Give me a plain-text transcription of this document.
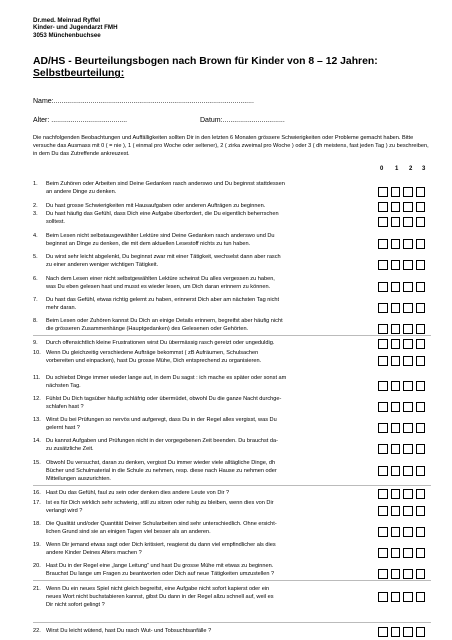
Dr.med. Meinrad Ryffel
Kinder- und Jugendarzt FMH
3053 Münchenbuchsee
AD/HS - Beurteilungsbogen nach Brown für Kinder von 8 – 12 Jahren:
Selbstbeurteilung:
Name:.......................................................................................................
Alter: .......................................	Datum:................................
Die nachfolgenden Beobachtungen und Auffälligkeiten sollten Dir in den letzten 6 Monaten grössere Schwierigkeiten oder Probleme gemacht haben. Bitte versuche das Ausmass mit 0 ( = nie ), 1 ( einmal pro Woche oder seltener), 2 ( zirka zweimal pro Woche ) oder 3 ( dh meistens, fast jeden Tag ) zu beschreiben, in dem Du das Zutreffende ankreuzest.
0 1 2 3
1. Beim Zuhören oder Arbeiten sind Deine Gedanken rasch anderswo und Du beginnst stattdessen
an andere Dinge zu denken.
2. Du hast grosse Schwierigkeiten mit Hausaufgaben oder anderen Aufträgen zu beginnen.
3. Du hast häufig das Gefühl, dass Dich eine Aufgabe überfordert, die Du eigentlich beherrschen
solltest.
4. Beim Lesen nicht selbstausgewählter Lektüre sind Deine Gedanken rasch anderswo und Du
beginnst an Dinge zu denken, die mit dem aktuellen Lesestoff nichts zu tun haben.
5. Du wirst sehr leicht abgelenkt, Du beginnst zwar mit einer Tätigkeit, wechselst dann aber rasch
zu einer anderen weniger wichtigen Tätigkeit.
6. Nach dem Lesen einer nicht selbstgewählten Lektüre scheinst Du alles vergessen zu haben,
was Du eben gelesen hast und musst es wieder lesen, um Dich daran erinnern zu können.
7. Du hast das Gefühl, etwas richtig gelernt zu haben, erinnerst Dich aber am nächsten Tag nicht
mehr daran.
8. Beim Lesen oder Zuhören kannst Du Dich an einige Details erinnern, begreifst aber häufig nicht
die grösseren Zusammenhänge (Hauptgedanken) des Gelesenen oder Gehörten.
9. Durch offensichtlich kleine Frustrationen wirst Du übermässig rasch gereizt oder ungeduldig.
10. Wenn Du gleichzeitig verschiedene Aufträge bekommst ( zB Aufräumen, Schulsachen
vorbereiten und einpacken), hast Du grosse Mühe, Dich entsprechend zu organisieren.
11. Du schiebst Dinge immer wieder lange auf, in dem Du sagst : ich mache es später oder sonst am
nächsten Tag.
12. Fühlst Du Dich tagsüber häufig schläfrig oder übermüdet, obwohl Du die ganze Nacht durchge-
schlafen hast ?
13. Wirst Du bei Prüfungen so nervös und aufgeregt, dass Du in der Regel alles vergisst, was Du
gelernt hast ?
14. Du kannst Aufgaben und Prüfungen nicht in der vorgegebenen Zeit beenden. Du brauchst da-
zu zusätzliche Zeit.
15. Obwohl Du versuchst, daran zu denken, vergisst Du immer wieder viele alltägliche Dinge, dh
Bücher und Schulmaterial in die Schule zu nehmen, resp. diese nach Hause zu nehmen oder
Mitteilungen auszurichten.
16. Hast Du das Gefühl, faul zu sein oder denken dies andere Leute von Dir ?
17. Ist es für Dich wirklich sehr schwierig, still zu sitzen oder ruhig zu bleiben, wenn dies von Dir
verlangt wird ?
18. Die Qualität und/oder Quantität Deiner Schularbeiten sind sehr unterschiedlich. Ohne ersicht-
lichen Grund sind sie an einigen Tagen viel besser als an anderen.
19. Wenn Dir jemand etwas sagt oder Dich kritisiert, reagierst du dann viel empfindlicher als dies
andere Kinder Deines Alters machen ?
20. Hast Du in der Regel eine „lange Leitung“ und hast Du grosse Mühe mit etwas zu beginnen.
Brauchst Du lange um Fragen zu beantworten oder Dich auf neue Tätigkeiten umzustellen ?
21. Wenn Du ein neues Spiel nicht gleich begreifst, eine Aufgabe nicht sofort kapierst oder ein
neues Wort nicht buchstabieren kannst, gibst Du dann in der Regel allzu schnell auf, weil es
Dir nicht sofort gelingt ?
22. Wirst Du leicht wütend, hast Du rasch Wut- und Tobsuchtsanfälle ?
